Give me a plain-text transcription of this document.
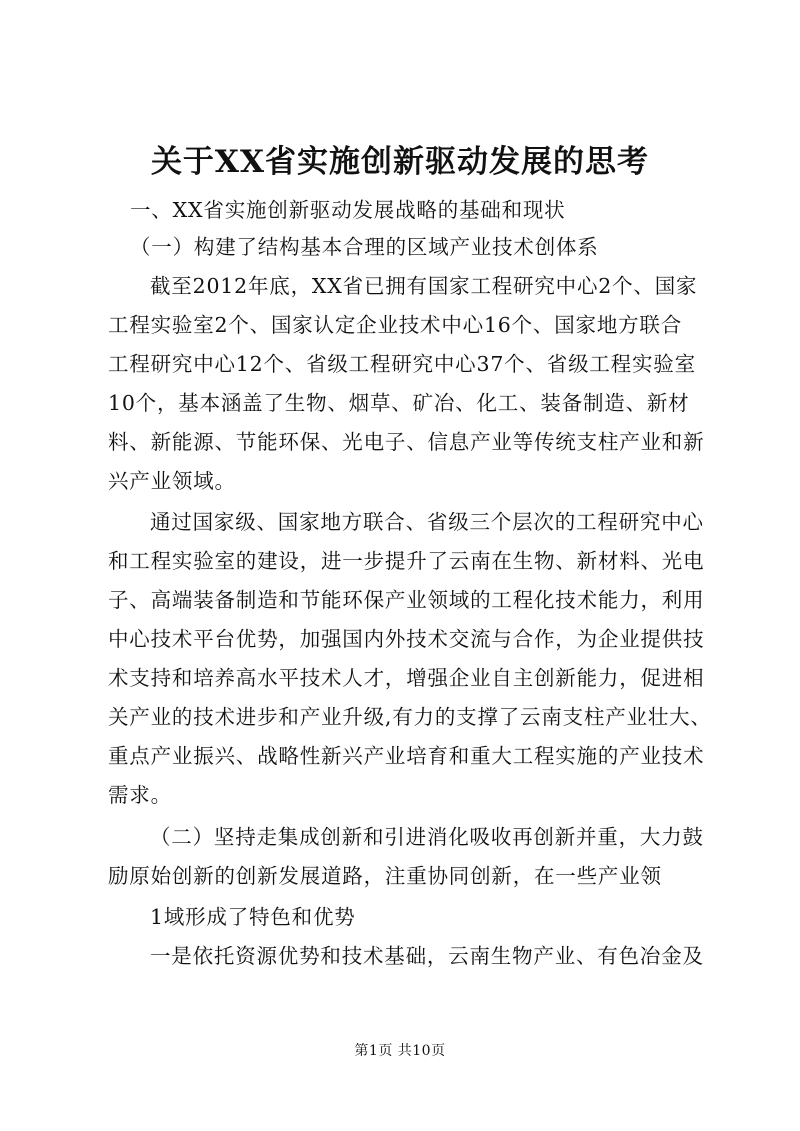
关于XX省实施创新驱动发展的思考

一、XX省实施创新驱动发展战略的基础和现状

（一）构建了结构基本合理的区域产业技术创体系

截至2012年底，XX省已拥有国家工程研究中心2个、国家

工程实验室2个、国家认定企业技术中心16个、国家地方联合

工程研究中心12个、省级工程研究中心37个、省级工程实验室

10个，基本涵盖了生物、烟草、矿冶、化工、装备制造、新材

料、新能源、节能环保、光电子、信息产业等传统支柱产业和新

兴产业领域。

通过国家级、国家地方联合、省级三个层次的工程研究中心

和工程实验室的建设，进一步提升了云南在生物、新材料、光电

子、高端装备制造和节能环保产业领域的工程化技术能力，利用

中心技术平台优势，加强国内外技术交流与合作，为企业提供技

术支持和培养高水平技术人才，增强企业自主创新能力，促进相

关产业的技术进步和产业升级,有力的支撑了云南支柱产业壮大、

重点产业振兴、战略性新兴产业培育和重大工程实施的产业技术

需求。

（二）坚持走集成创新和引进消化吸收再创新并重，大力鼓

励原始创新的创新发展道路，注重协同创新，在一些产业领

1域形成了特色和优势

一是依托资源优势和技术基础，云南生物产业、有色冶金及

第1页 共10页
